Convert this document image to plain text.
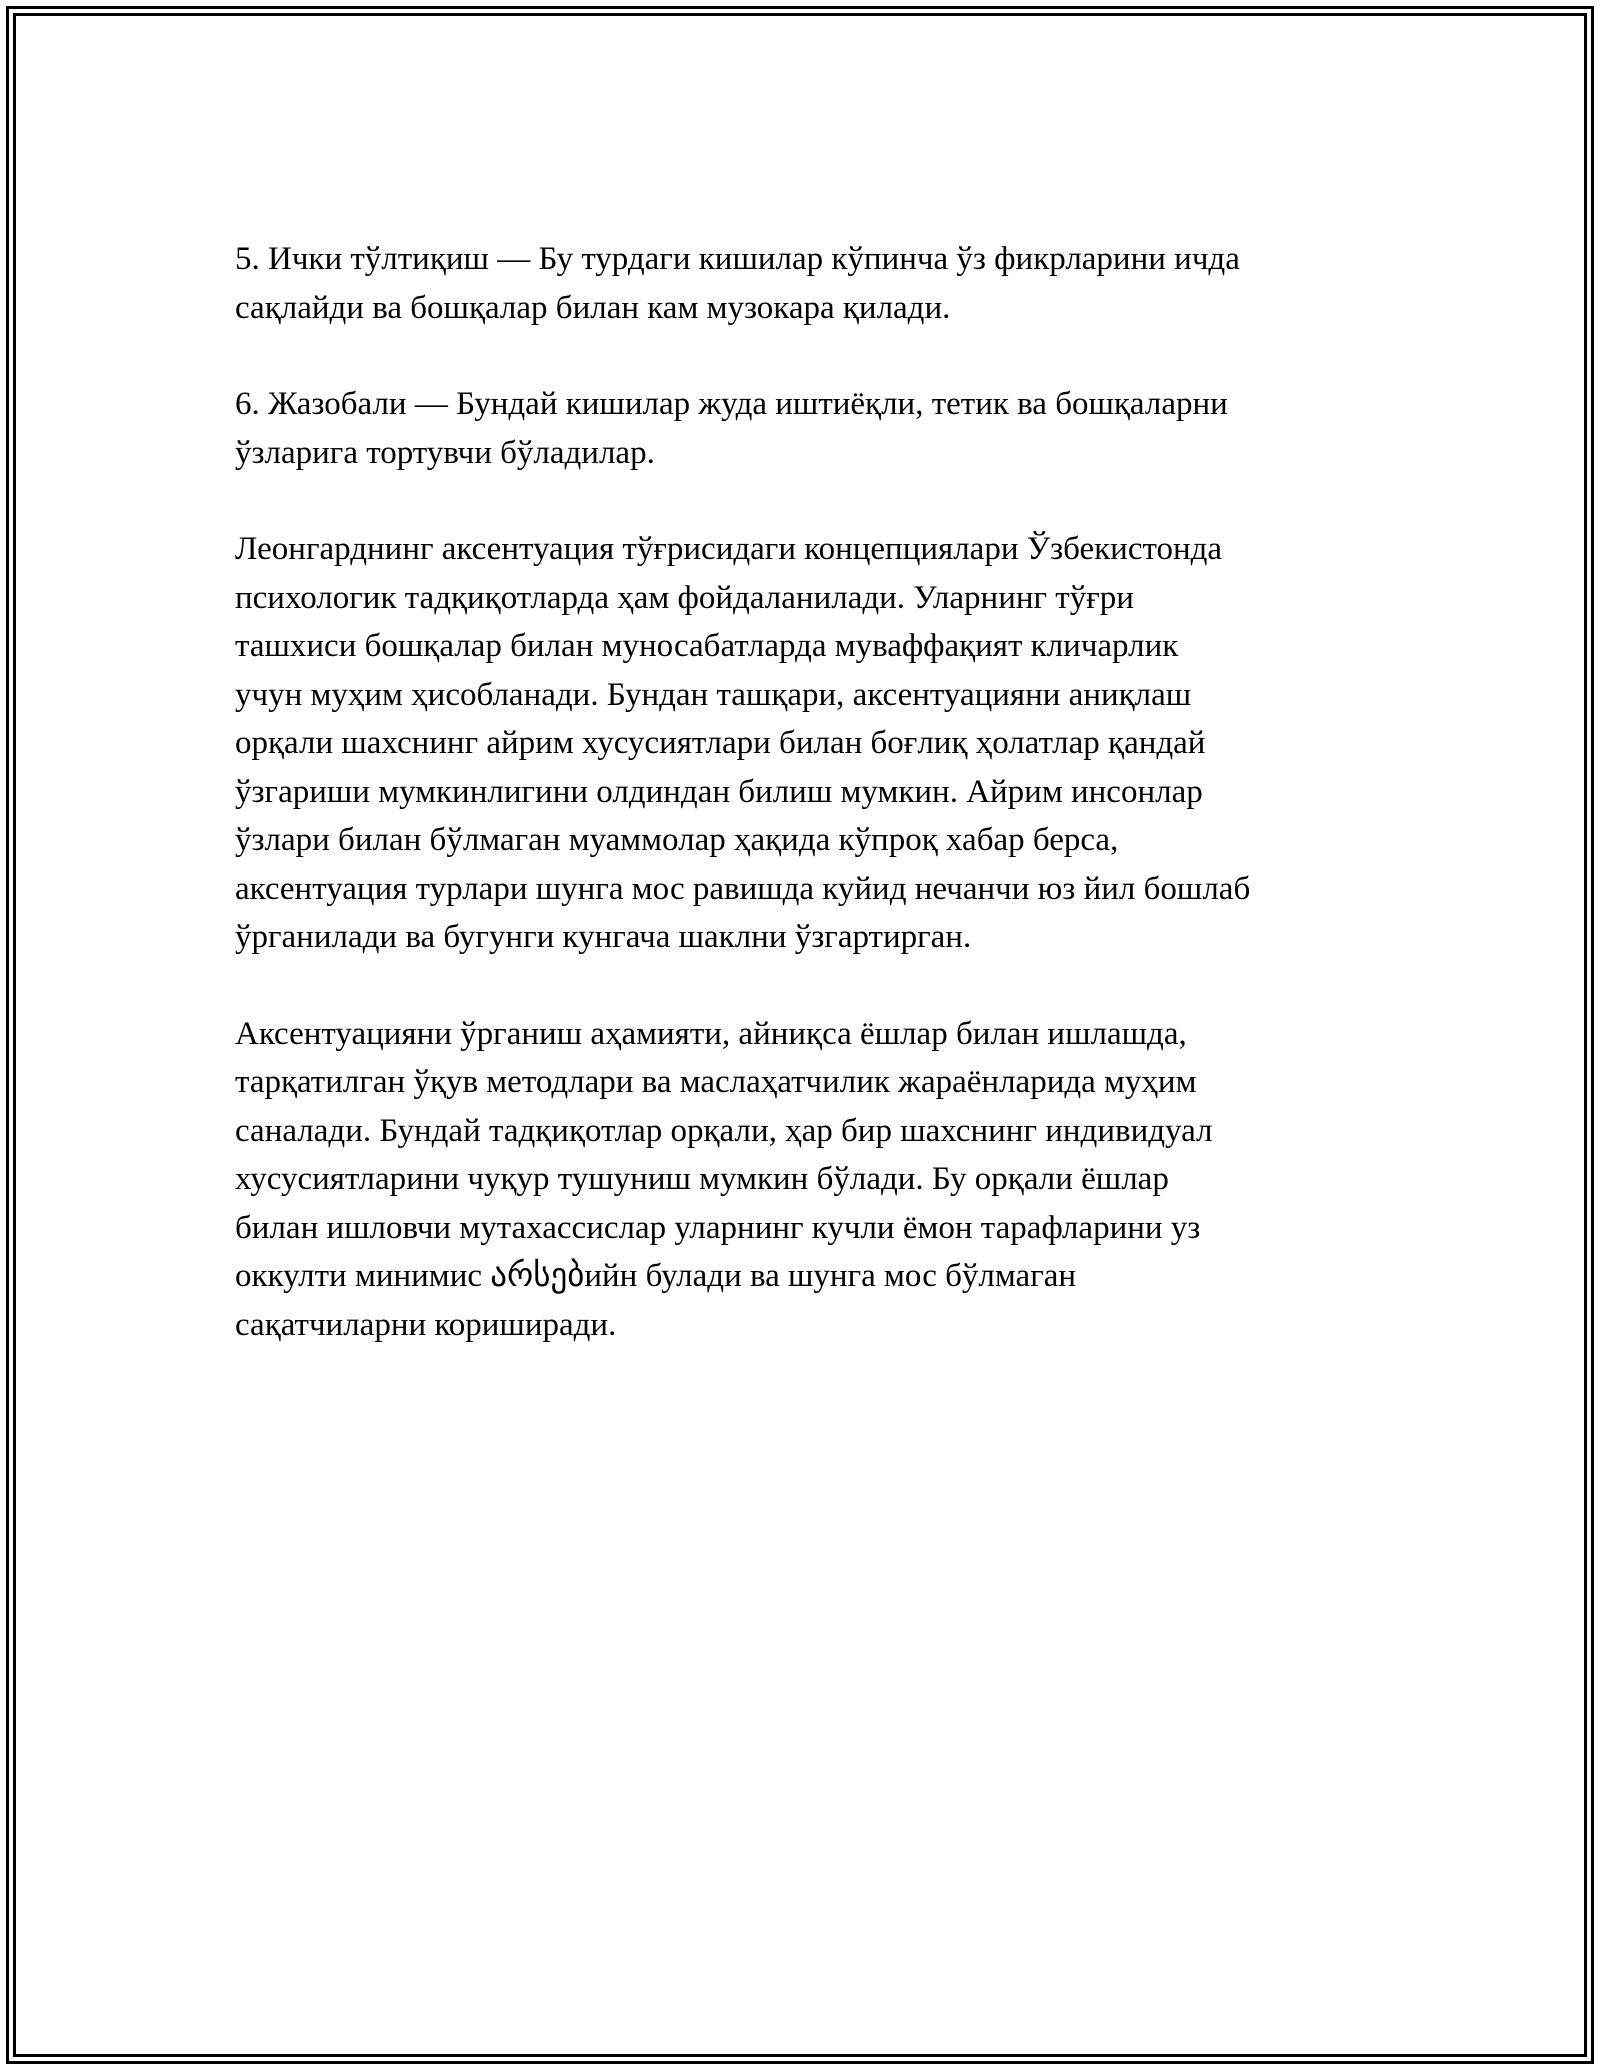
5. Ички тўлтиқиш — Бу турдаги кишилар кўпинча ўз фикрларини ичда
сақлайди ва бошқалар билан кам музокара қилади.

6. Жазобали — Бундай кишилар жуда иштиёқли, тетик ва бошқаларни
ўзларига тортувчи бўладилар.

Леонгарднинг аксентуация тўғрисидаги концепциялари Ўзбекистонда
психологик тадқиқотларда ҳам фойдаланилади. Уларнинг тўғри
ташхиси бошқалар билан муносабатларда муваффақият кличарлик
учун муҳим ҳисобланади. Бундан ташқари, аксентуацияни аниқлаш
орқали шахснинг айрим хусусиятлари билан боғлиқ ҳолатлар қандай
ўзгариши мумкинлигини олдиндан билиш мумкин. Айрим инсонлар
ўзлари билан бўлмаган муаммолар ҳақида кўпроқ хабар берса,
аксентуация турлари шунга мос равишда куйид нечанчи юз йил бошлаб
ўрганилади ва бугунги кунгача шаклни ўзгартирган.

Аксентуацияни ўрганиш аҳамияти, айниқса ёшлар билан ишлашда,
тарқатилган ўқув методлари ва маслаҳатчилик жараёнларида муҳим
саналади. Бундай тадқиқотлар орқали, ҳар бир шахснинг индивидуал
хусусиятларини чуқур тушуниш мумкин бўлади. Бу орқали ёшлар
билан ишловчи мутахассислар уларнинг кучли ёмон тарафларини уз
оккулти минимис არსებийн булади ва шунга мос бўлмаган
сақатчиларни кориширади.
